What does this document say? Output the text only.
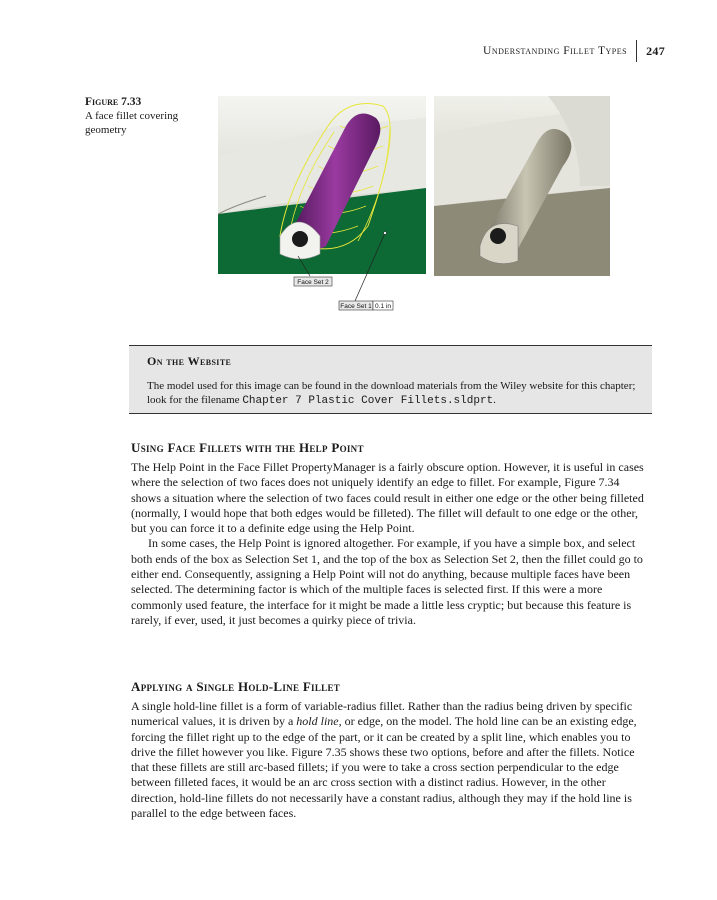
Understanding Fillet Types	247
Figure 7.33
A face fillet covering geometry
Face Set 2
Face Set 1 0.1 in
On the Website
The model used for this image can be found in the download materials from the Wiley website for this chapter; look for the filename Chapter 7 Plastic Cover Fillets.sldprt.
Using Face Fillets with the Help Point

The Help Point in the Face Fillet PropertyManager is a fairly obscure option. However, it is useful in cases where the selection of two faces does not uniquely identify an edge to fillet. For example, Figure 7.34 shows a situation where the selection of two faces could result in either one edge or the other being filleted (normally, I would hope that both edges would be filleted). The fillet will default to one edge or the other, but you can force it to a definite edge using the Help Point.

In some cases, the Help Point is ignored altogether. For example, if you have a simple box, and select both ends of the box as Selection Set 1, and the top of the box as Selection Set 2, then the fillet could go to either end. Consequently, assigning a Help Point will not do anything, because multiple faces have been selected. The determining factor is which of the multiple faces is selected first. If this were a more commonly used feature, the interface for it might be made a little less cryptic; but because this feature is rarely, if ever, used, it just becomes a quirky piece of trivia.

Applying a Single Hold-Line Fillet

A single hold-line fillet is a form of variable-radius fillet. Rather than the radius being driven by specific numerical values, it is driven by a hold line, or edge, on the model. The hold line can be an existing edge, forcing the fillet right up to the edge of the part, or it can be created by a split line, which enables you to drive the fillet however you like. Figure 7.35 shows these two options, before and after the fillets. Notice that these fillets are still arc-based fillets; if you were to take a cross section perpendicular to the edge between filleted faces, it would be an arc cross section with a distinct radius. However, in the other direction, hold-line fillets do not necessarily have a constant radius, although they may if the hold line is parallel to the edge between faces.
